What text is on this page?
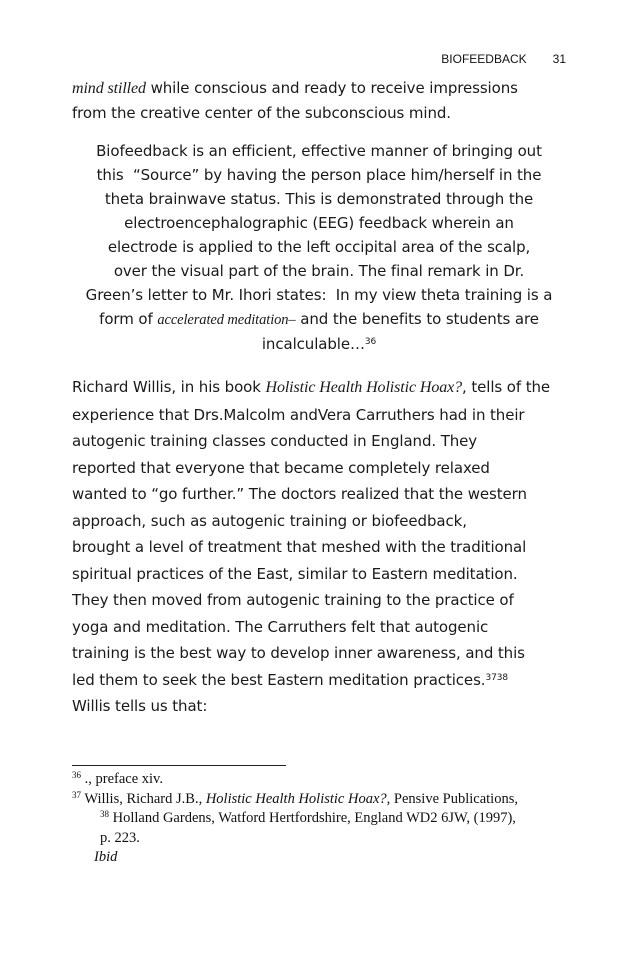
BIOFEEDBACK 31
mind stilled while conscious and ready to receive impressions
from the creative center of the subconscious mind.
Biofeedback is an efficient, effective manner of bringing out
this  “Source” by having the person place him/herself in the
theta brainwave status. This is demonstrated through the
electroencephalographic (EEG) feedback wherein an
electrode is applied to the left occipital area of the scalp,
over the visual part of the brain. The final remark in Dr.
Green’s letter to Mr. Ihori states:  In my view theta training is a
form of accelerated meditation– and the benefits to students are
incalculable…$^{36}$
Richard Willis, in his book Holistic Health Holistic Hoax?, tells of the
experience that Drs.Malcolm andVera Carruthers had in their
autogenic training classes conducted in England. They
reported that everyone that became completely relaxed
wanted to “go further.” The doctors realized that the western
approach, such as autogenic training or biofeedback,
brought a level of treatment that meshed with the traditional
spiritual practices of the East, similar to Eastern meditation.
They then moved from autogenic training to the practice of
yoga and meditation. The Carruthers felt that autogenic
training is the best way to develop inner awareness, and this
led them to seek the best Eastern meditation practices.$^{3738}$
Willis tells us that:
$^{36}$ ., preface xiv.
$^{37}$ Willis, Richard J.B., Holistic Health Holistic Hoax?, Pensive Publications,
$^{38}$ Holland Gardens, Watford Hertfordshire, England WD2 6JW, (1997),
p. 223.
Ibid
